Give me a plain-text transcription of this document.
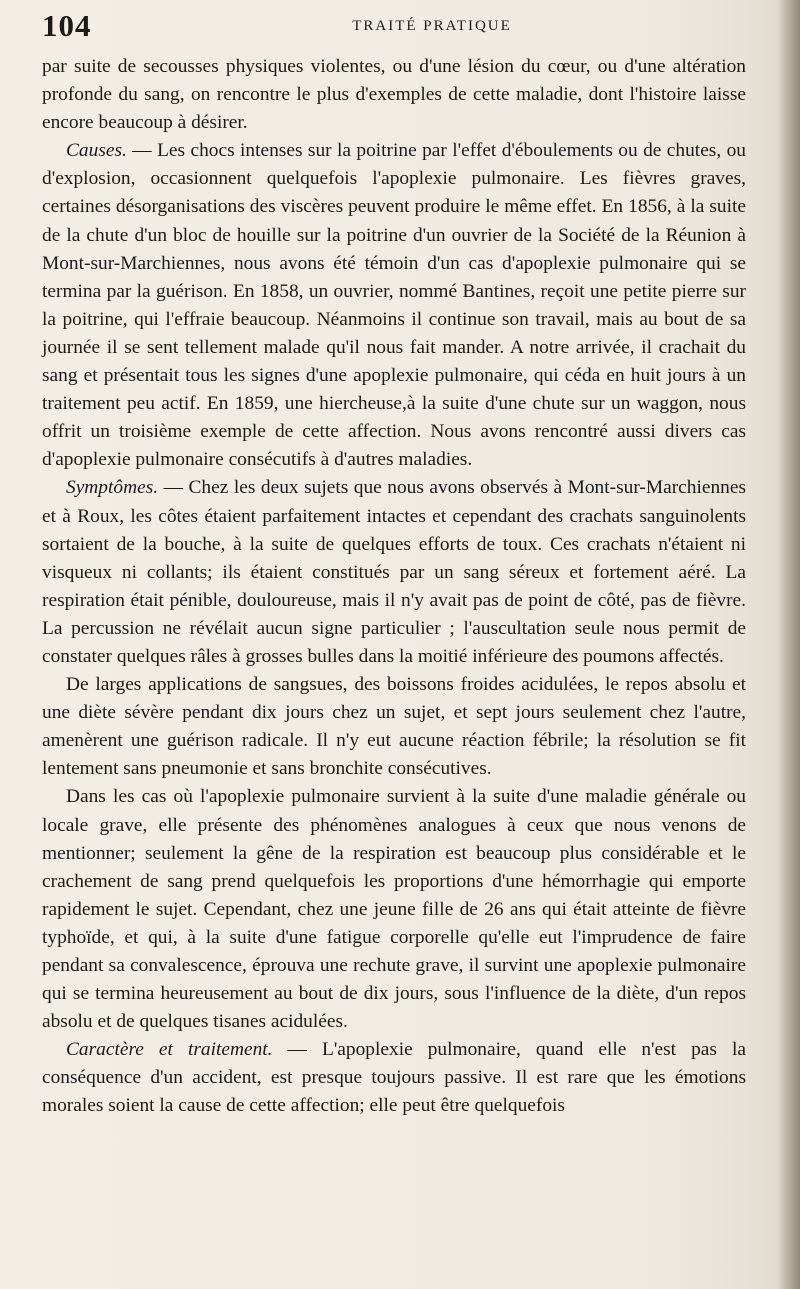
104	TRAITÉ PRATIQUE

par suite de secousses physiques violentes, ou d'une lésion du cœur, ou d'une altération profonde du sang, on rencontre le plus d'exemples de cette maladie, dont l'histoire laisse encore beaucoup à désirer.

Causes. — Les chocs intenses sur la poitrine par l'effet d'éboulements ou de chutes, ou d'explosion, occasionnent quelquefois l'apoplexie pulmonaire. Les fièvres graves, certaines désorganisations des viscères peuvent produire le même effet. En 1856, à la suite de la chute d'un bloc de houille sur la poitrine d'un ouvrier de la Société de la Réunion à Mont-sur-Marchiennes, nous avons été témoin d'un cas d'apoplexie pulmonaire qui se termina par la guérison. En 1858, un ouvrier, nommé Bantines, reçoit une petite pierre sur la poitrine, qui l'effraie beaucoup. Néanmoins il continue son travail, mais au bout de sa journée il se sent tellement malade qu'il nous fait mander. A notre arrivée, il crachait du sang et présentait tous les signes d'une apoplexie pulmonaire, qui céda en huit jours à un traitement peu actif. En 1859, une hiercheuse,à la suite d'une chute sur un waggon, nous offrit un troisième exemple de cette affection. Nous avons rencontré aussi divers cas d'apoplexie pulmonaire consécutifs à d'autres maladies.

Symptômes. — Chez les deux sujets que nous avons observés à Mont-sur-Marchiennes et à Roux, les côtes étaient parfaitement intactes et cependant des crachats sanguinolents sortaient de la bouche, à la suite de quelques efforts de toux. Ces crachats n'étaient ni visqueux ni collants; ils étaient constitués par un sang séreux et fortement aéré. La respiration était pénible, douloureuse, mais il n'y avait pas de point de côté, pas de fièvre. La percussion ne révélait aucun signe particulier ; l'auscultation seule nous permit de constater quelques râles à grosses bulles dans la moitié inférieure des poumons affectés.

De larges applications de sangsues, des boissons froides acidulées, le repos absolu et une diète sévère pendant dix jours chez un sujet, et sept jours seulement chez l'autre, amenèrent une guérison radicale. Il n'y eut aucune réaction fébrile; la résolution se fit lentement sans pneumonie et sans bronchite consécutives.

Dans les cas où l'apoplexie pulmonaire survient à la suite d'une maladie générale ou locale grave, elle présente des phénomènes analogues à ceux que nous venons de mentionner; seulement la gêne de la respiration est beaucoup plus considérable et le crachement de sang prend quelquefois les proportions d'une hémorrhagie qui emporte rapidement le sujet. Cependant, chez une jeune fille de 26 ans qui était atteinte de fièvre typhoïde, et qui, à la suite d'une fatigue corporelle qu'elle eut l'imprudence de faire pendant sa convalescence, éprouva une rechute grave, il survint une apoplexie pulmonaire qui se termina heureusement au bout de dix jours, sous l'influence de la diète, d'un repos absolu et de quelques tisanes acidulées.

Caractère et traitement. — L'apoplexie pulmonaire, quand elle n'est pas la conséquence d'un accident, est presque toujours passive. Il est rare que les émotions morales soient la cause de cette affection; elle peut être quelquefois
